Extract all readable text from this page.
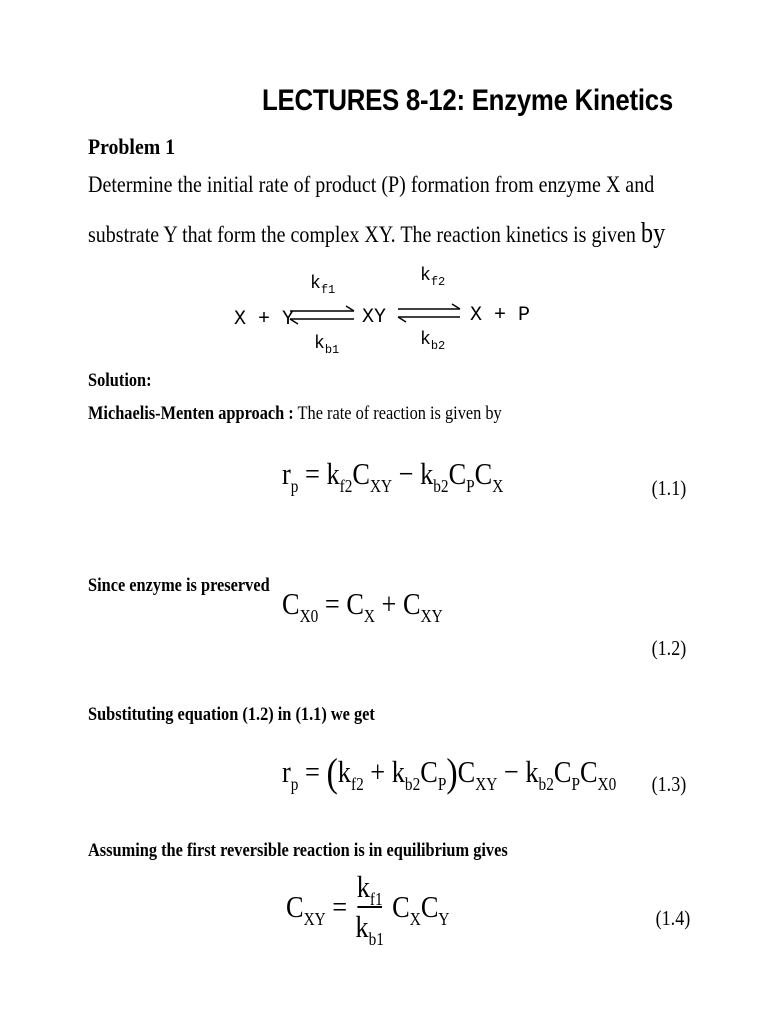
LECTURES 8-12: Enzyme Kinetics
Problem 1
Determine the initial rate of product (P) formation from enzyme X and
substrate Y that form the complex XY. The reaction kinetics is given by
X + Y
$k_{f1}$
$k_{b1}$
XY
$k_{f2}$
$k_{b2}$
X + P
Solution:
Michaelis-Menten approach : The rate of reaction is given by
$r_p = k_{f2}C_{XY} - k_{b2}C_PC_X$	(1.1)
Since enzyme is preserved
$C_{X0} = C_X + C_{XY}$
(1.2)
Substituting equation (1.2) in (1.1) we get
$r_p = (k_{f2} + k_{b2}C_P)C_{XY} - k_{b2}C_PC_{X0}$ (1.3)
Assuming the first reversible reaction is in equilibrium gives
$C_{XY} = \frac{k_{f1}}{k_{b1}} C_XC_Y$	(1.4)
